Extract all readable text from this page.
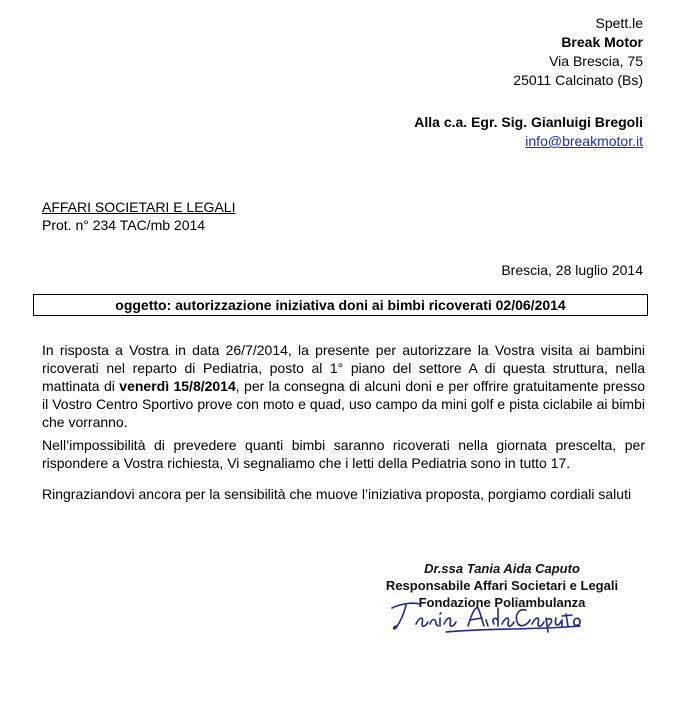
Spett.le
Break Motor
Via Brescia, 75
25011 Calcinato (Bs)
Alla c.a. Egr. Sig. Gianluigi Bregoli
info@breakmotor.it
AFFARI SOCIETARI E LEGALI
Prot. n° 234 TAC/mb 2014
Brescia, 28 luglio 2014
oggetto: autorizzazione iniziativa doni ai bimbi ricoverati 02/06/2014
In risposta a Vostra in data 26/7/2014, la presente per autorizzare la Vostra visita ai bambini ricoverati nel reparto di Pediatria, posto al 1° piano del settore A di questa struttura, nella mattinata di venerdì 15/8/2014, per la consegna di alcuni doni e per offrire gratuitamente presso il Vostro Centro Sportivo prove con moto e quad, uso campo da mini golf e pista ciclabile ai bimbi che vorranno.
Nell’impossibilità di prevedere quanti bimbi saranno ricoverati nella giornata prescelta, per rispondere a Vostra richiesta, Vi segnaliamo che i letti della Pediatria sono in tutto 17.
Ringraziandovi ancora per la sensibilità che muove l’iniziativa proposta, porgiamo cordiali saluti
Dr.ssa Tania Aida Caputo
Responsabile Affari Societari e Legali
Fondazione Poliambulanza
